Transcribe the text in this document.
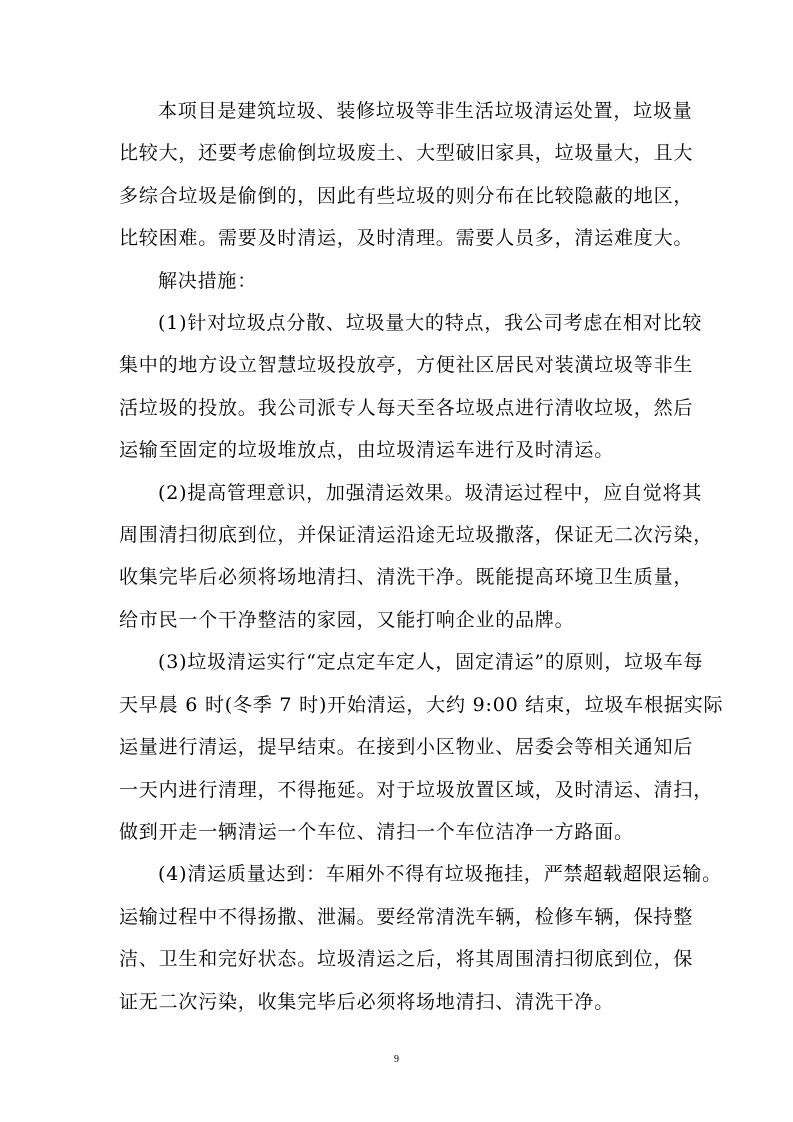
本项目是建筑垃圾、装修垃圾等非生活垃圾清运处置，垃圾量
比较大，还要考虑偷倒垃圾废土、大型破旧家具，垃圾量大，且大
多综合垃圾是偷倒的，因此有些垃圾的则分布在比较隐蔽的地区，
比较困难。需要及时清运，及时清理。需要人员多，清运难度大。
解决措施：
(1)针对垃圾点分散、垃圾量大的特点，我公司考虑在相对比较
集中的地方设立智慧垃圾投放亭，方便社区居民对装潢垃圾等非生
活垃圾的投放。我公司派专人每天至各垃圾点进行清收垃圾，然后
运输至固定的垃圾堆放点，由垃圾清运车进行及时清运。
(2)提高管理意识，加强清运效果。圾清运过程中，应自觉将其
周围清扫彻底到位，并保证清运沿途无垃圾撒落，保证无二次污染，
收集完毕后必须将场地清扫、清洗干净。既能提高环境卫生质量，
给市民一个干净整洁的家园，又能打响企业的品牌。
(3)垃圾清运实行“定点定车定人，固定清运”的原则，垃圾车每
天早晨 6 时(冬季 7 时)开始清运，大约 9:00 结束，垃圾车根据实际
运量进行清运，提早结束。在接到小区物业、居委会等相关通知后
一天内进行清理，不得拖延。对于垃圾放置区域，及时清运、清扫，
做到开走一辆清运一个车位、清扫一个车位洁净一方路面。
(4)清运质量达到：车厢外不得有垃圾拖挂，严禁超载超限运输。
运输过程中不得扬撒、泄漏。要经常清洗车辆，检修车辆，保持整
洁、卫生和完好状态。垃圾清运之后，将其周围清扫彻底到位，保
证无二次污染，收集完毕后必须将场地清扫、清洗干净。
9
